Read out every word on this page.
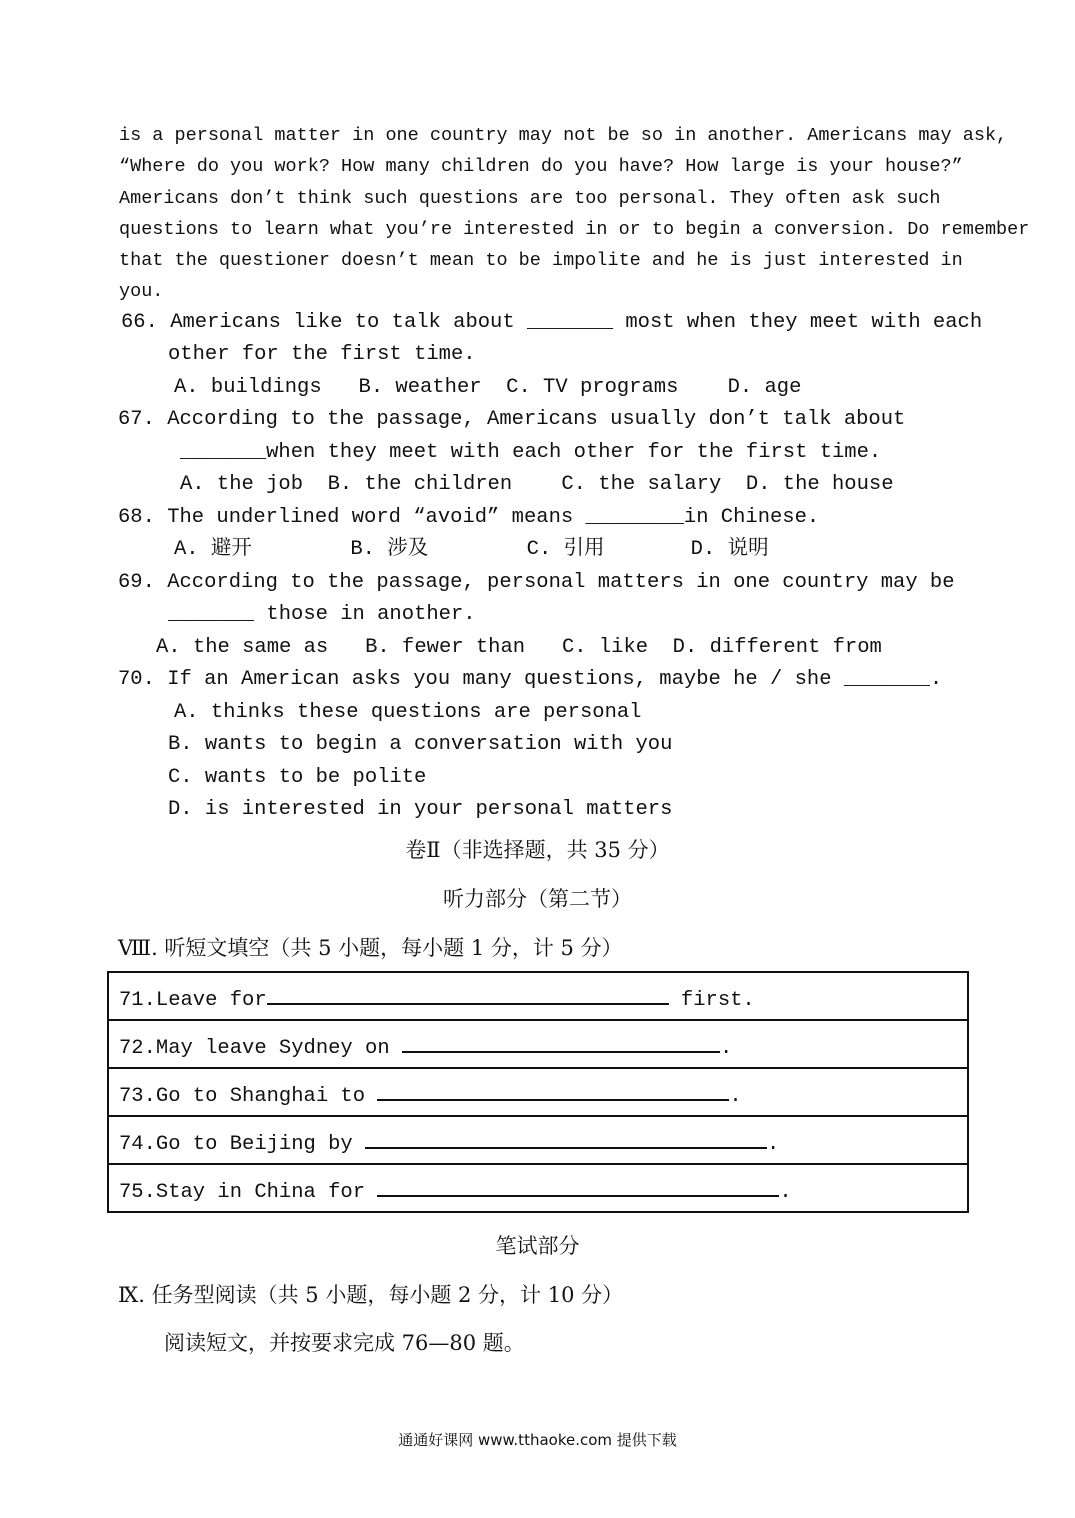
is a personal matter in one country may not be so in another. Americans may ask,
“Where do you work? How many children do you have? How large is your house?”
Americans don’t think such questions are too personal. They often ask such
questions to learn what you’re interested in or to begin a conversion. Do remember
that the questioner doesn’t mean to be impolite and he is just interested in
you.
66. Americans like to talk about _______ most when they meet with each
other for the first time.
A. buildings   B. weather  C. TV programs    D. age
67. According to the passage, Americans usually don’t talk about
_______when they meet with each other for the first time.
A. the job  B. the children    C. the salary  D. the house
68. The underlined word “avoid” means ________in Chinese.
A. 避开        B. 涉及        C. 引用       D. 说明
69. According to the passage, personal matters in one country may be
_______ those in another.
A. the same as   B. fewer than   C. like  D. different from
70. If an American asks you many questions, maybe he / she _______.
A. thinks these questions are personal
B. wants to begin a conversation with you
C. wants to be polite
D. is interested in your personal matters
卷Ⅱ（非选择题，共 35 分）
听力部分（第二节）
Ⅷ. 听短文填空（共 5 小题，每小题 1 分，计 5 分）
71.Leave for	first.
72.May leave Sydney on	.
73.Go to Shanghai to	.
74.Go to Beijing by	.
75.Stay in China for	.
笔试部分
Ⅸ. 任务型阅读（共 5 小题，每小题 2 分，计 10 分）
阅读短文，并按要求完成 76—80 题。
通通好课网 www.tthaoke.com 提供下载
